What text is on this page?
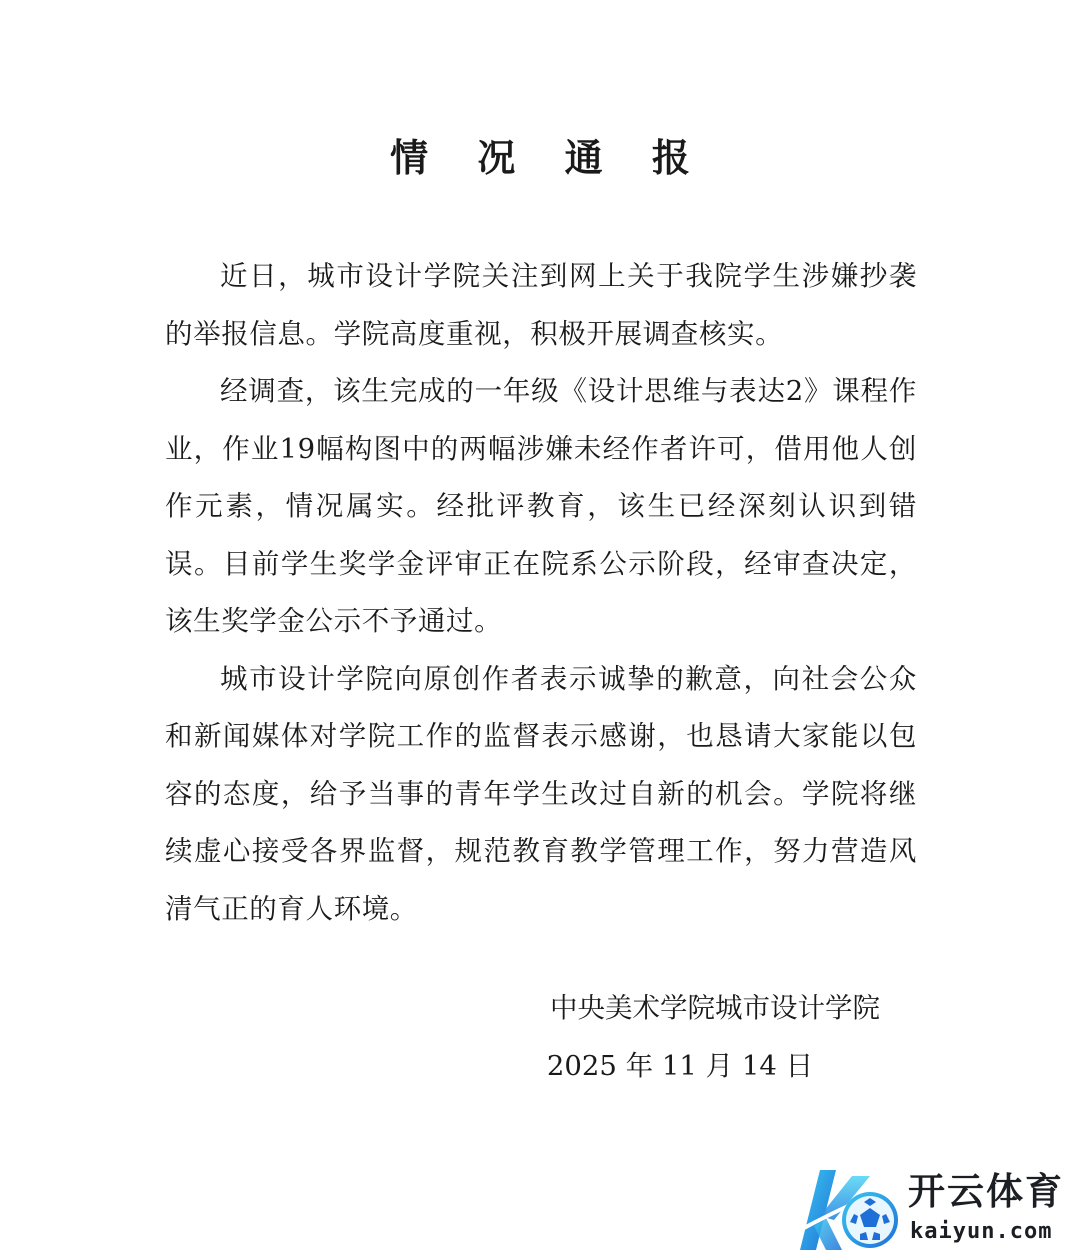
情 况 通 报

近日，城市设计学院关注到网上关于我院学生涉嫌抄袭的举报信息。学院高度重视，积极开展调查核实。

经调查，该生完成的一年级《设计思维与表达2》课程作业，作业19幅构图中的两幅涉嫌未经作者许可，借用他人创作元素，情况属实。经批评教育，该生已经深刻认识到错误。目前学生奖学金评审正在院系公示阶段，经审查决定，该生奖学金公示不予通过。

城市设计学院向原创作者表示诚挚的歉意，向社会公众和新闻媒体对学院工作的监督表示感谢，也恳请大家能以包容的态度，给予当事的青年学生改过自新的机会。学院将继续虚心接受各界监督，规范教育教学管理工作，努力营造风清气正的育人环境。

中央美术学院城市设计学院
2025 年 11 月 14 日
开云体育
kaiyun.com
